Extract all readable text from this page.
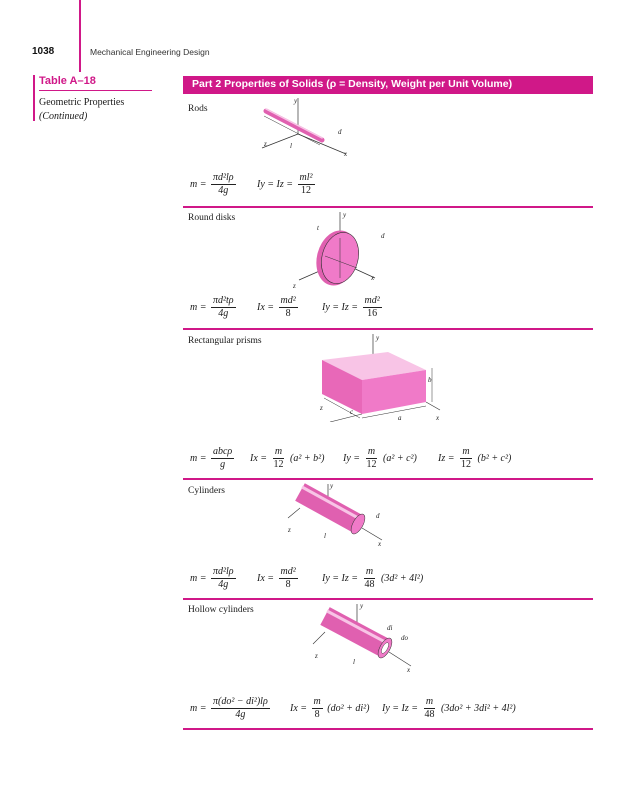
1038	Mechanical Engineering Design
Table A–18
Geometric Properties
(Continued)
Part 2 Properties of Solids (ρ = Density, Weight per Unit Volume)
Rods
y
d
z	l
x
$m = \frac{\text{πd²lρ}}{4g}$ $Iy = Iz = \frac{\text{ml²}}{12}$
Round disks	y
t
d
z
x
$m = \frac{\text{πd²tρ}}{4g}$ $Ix = \frac{\text{md²}}{8}$ $Iy = Iz = \frac{\text{md²}}{16}$
Rectangular prisms	y
b
c
a
z
x
$m = \frac{\text{abcρ}}{g}$ $Ix = \frac{m}{12} (a^2 + b^2) Iy = \frac{m}{12} (a^2 + c^2) Iz = \frac{m}{12} (b^2 + c^2)$
Cylinders	y
d
z
l
x
$m = \frac{\text{πd²lρ}}{4g}$ $Ix = \frac{\text{md²}}{8}$ $Iy = Iz = \frac{m}{48} (3d^2 + 4l^2)$
Hollow cylinders	y
di
do
z
l
x
$m = \frac{\text{π(do² − di²)lρ}}{4g}$ $Ix = \frac{m}{8} (do^2 + di^2) Iy = Iz = \frac{m}{48} (3do^2 + 3di^2 + 4l^2)$
